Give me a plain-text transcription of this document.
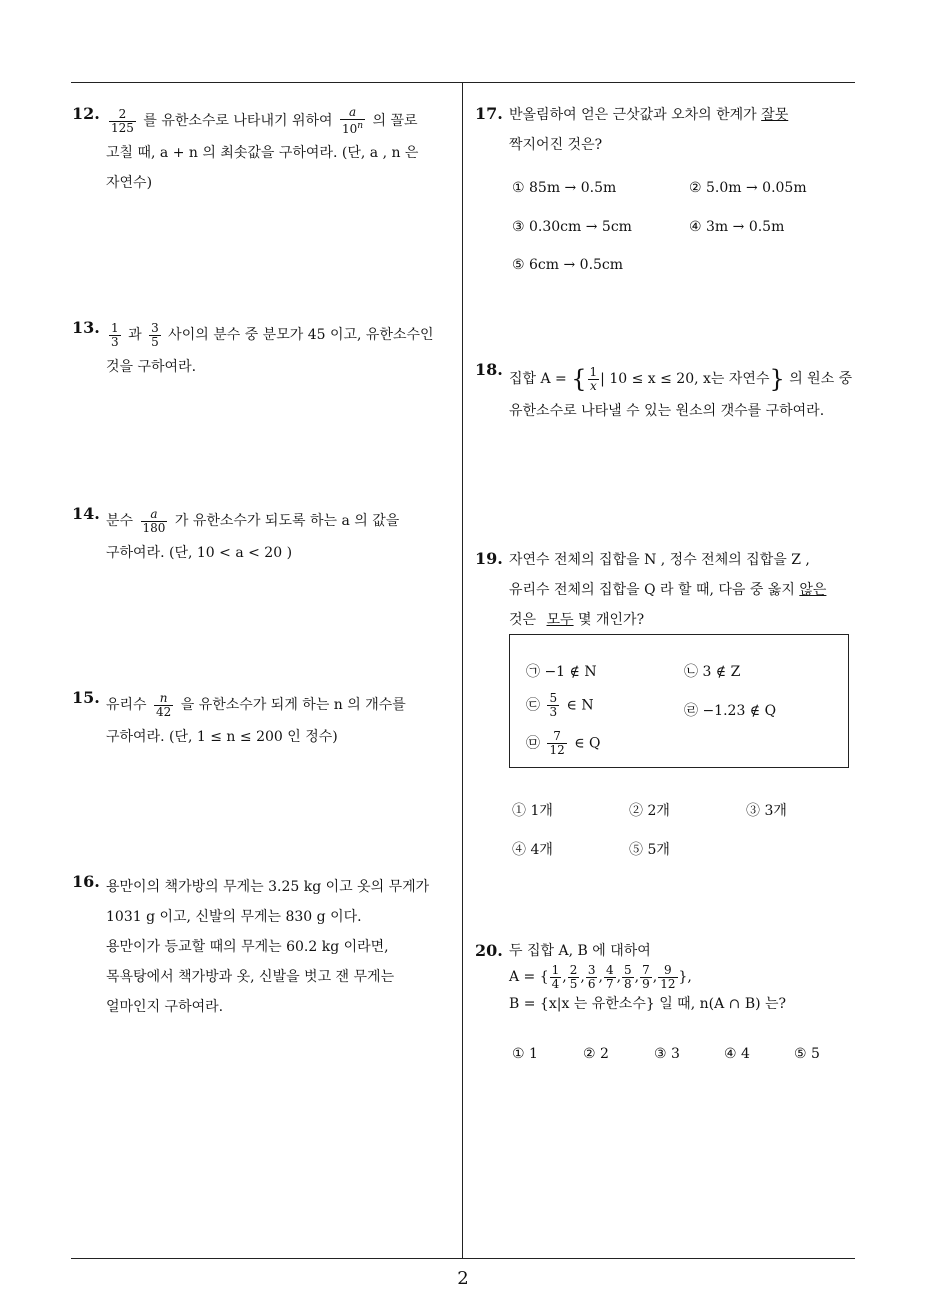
12. $\frac{2}{125}$ 를 유한소수로 나타내기 위하여 $\frac{a}{10^n}$ 의 꼴로
고칠 때, a + n 의 최솟값을 구하여라. (단, a , n 은
자연수)
13. $\frac{1}{3}$ 과 $\frac{3}{5}$ 사이의 분수 중 분모가 45 이고, 유한소수인
것을 구하여라.
14. 분수 $\frac{a}{180}$ 가 유한소수가 되도록 하는 a 의 값을
구하여라. (단, 10 < a < 20 )
15. 유리수 $\frac{n}{42}$ 을 유한소수가 되게 하는 n 의 개수를
구하여라. (단, 1 ≤ n ≤ 200 인 정수)
16. 용만이의 책가방의 무게는 3.25 kg 이고 옷의 무게가
1031 g 이고, 신발의 무게는 830 g 이다.
용만이가 등교할 때의 무게는 60.2 kg 이라면,
목욕탕에서 책가방과 옷, 신발을 벗고 잰 무게는
얼마인지 구하여라.
17. 반올림하여 얻은 근삿값과 오차의 한계가 잘못
짝지어진 것은?
① 85m → 0.5m	② 5.0m → 0.05m
③ 0.30cm → 5cm	④ 3m → 0.5m
⑤ 6cm → 0.5cm
18. 집합 A = { $\frac{1}{x}$ | 10 ≤ x ≤ 20, x는 자연수} 의 원소 중
유한소수로 나타낼 수 있는 원소의 갯수를 구하여라.
19. 자연수 전체의 집합을 N , 정수 전체의 집합을 Z ,
유리수 전체의 집합을 Q 라 할 때, 다음 중 옳지 않은
것은 모두 몇 개인가?
㉠ −1 ∉ N	㉡ 3 ∉ Z
㉢ $\frac{5}{3}$ ∈ N	㉣ −1.23 ∉ Q
㉤ $\frac{7}{12}$ ∈ Q
① 1개	② 2개	③ 3개
④ 4개	⑤ 5개
20. 두 집합 A, B 에 대하여
A = { $\frac{1}{4}$ , $\frac{2}{5}$ , $\frac{3}{6}$ , $\frac{4}{7}$ , $\frac{5}{8}$ , $\frac{7}{9}$ , $\frac{9}{12}$ },
B = {x|x 는 유한소수} 일 때, n(A ∩ B) 는?
① 1	② 2	③ 3	④ 4	⑤ 5
2
